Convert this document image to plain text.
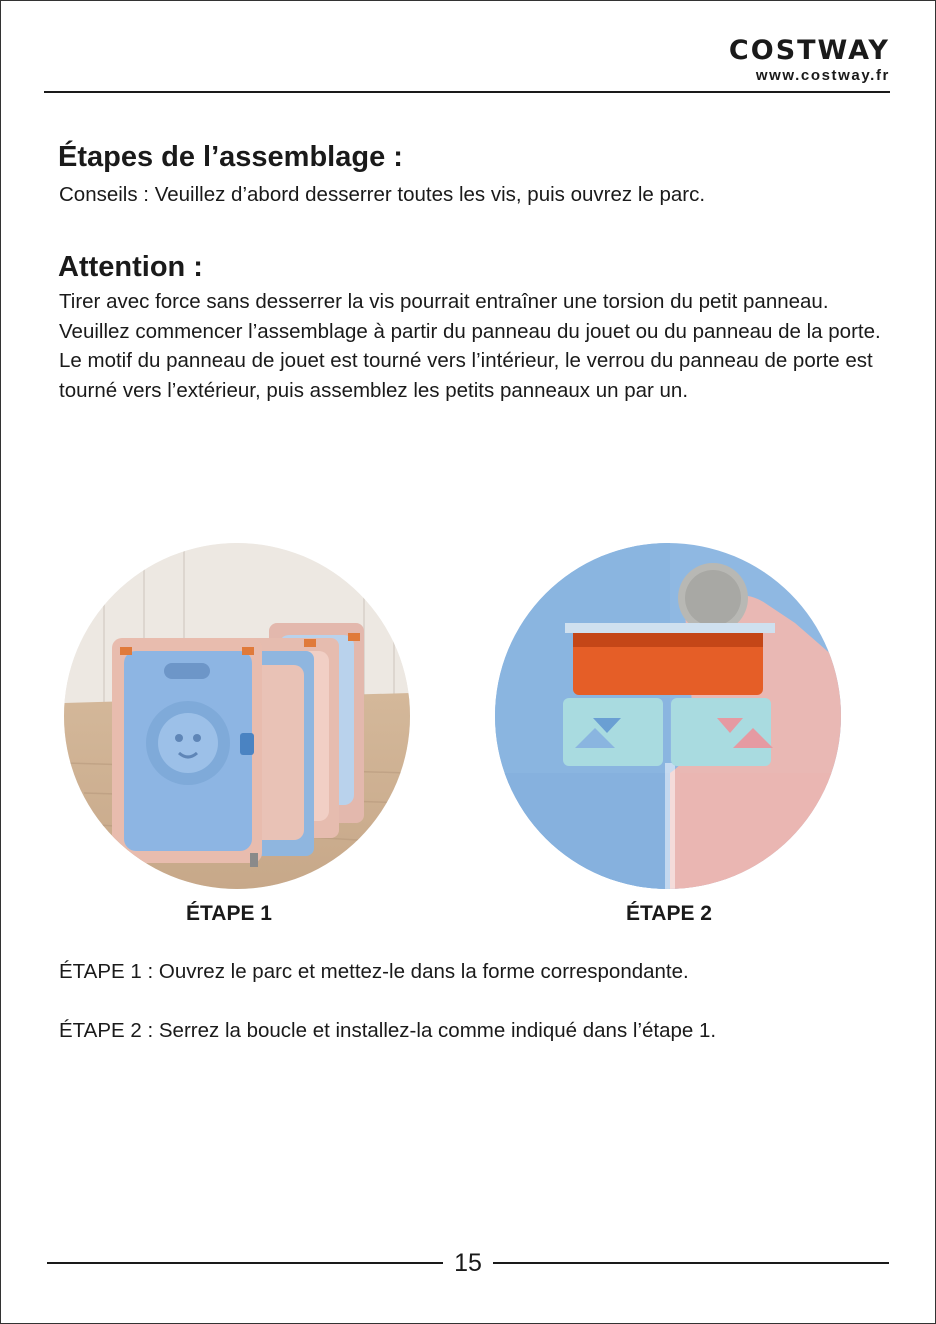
COSTWAY
www.costway.fr
Étapes de l’assemblage :

Conseils : Veuillez d’abord desserrer toutes les vis, puis ouvrez le parc.

Attention :

Tirer avec force sans desserrer la vis pourrait entraîner une torsion du petit panneau.

Veuillez commencer l’assemblage à partir du panneau du jouet ou du panneau de la porte.

Le motif du panneau de jouet est tourné vers l’intérieur, le verrou du panneau de porte est tourné vers l’extérieur, puis assemblez les petits panneaux un par un.

ÉTAPE 1	ÉTAPE 2

ÉTAPE 1 : Ouvrez le parc et mettez-le dans la forme correspondante.

ÉTAPE 2 : Serrez la boucle et installez-la comme indiqué dans l’étape 1.

15
